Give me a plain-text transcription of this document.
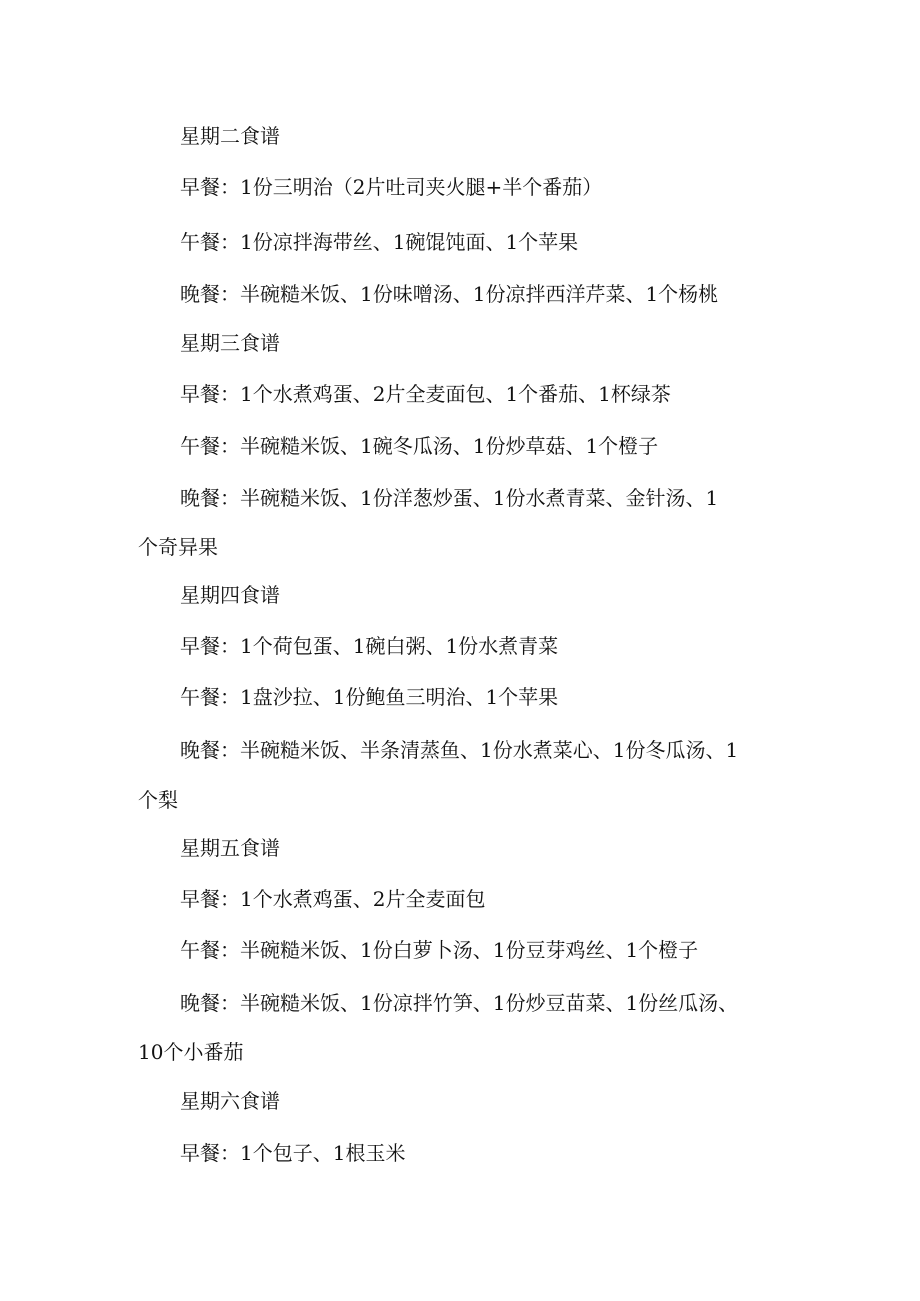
星期二食谱
早餐：1份三明治（2片吐司夹火腿+半个番茄）
午餐：1份凉拌海带丝、1碗馄饨面、1个苹果
晚餐：半碗糙米饭、1份味噌汤、1份凉拌西洋芹菜、1个杨桃
星期三食谱
早餐：1个水煮鸡蛋、2片全麦面包、1个番茄、1杯绿茶
午餐：半碗糙米饭、1碗冬瓜汤、1份炒草菇、1个橙子
晚餐：半碗糙米饭、1份洋葱炒蛋、1份水煮青菜、金针汤、1
个奇异果
星期四食谱
早餐：1个荷包蛋、1碗白粥、1份水煮青菜
午餐：1盘沙拉、1份鲍鱼三明治、1个苹果
晚餐：半碗糙米饭、半条清蒸鱼、1份水煮菜心、1份冬瓜汤、1
个梨
星期五食谱
早餐：1个水煮鸡蛋、2片全麦面包
午餐：半碗糙米饭、1份白萝卜汤、1份豆芽鸡丝、1个橙子
晚餐：半碗糙米饭、1份凉拌竹笋、1份炒豆苗菜、1份丝瓜汤、
10个小番茄
星期六食谱
早餐：1个包子、1根玉米
